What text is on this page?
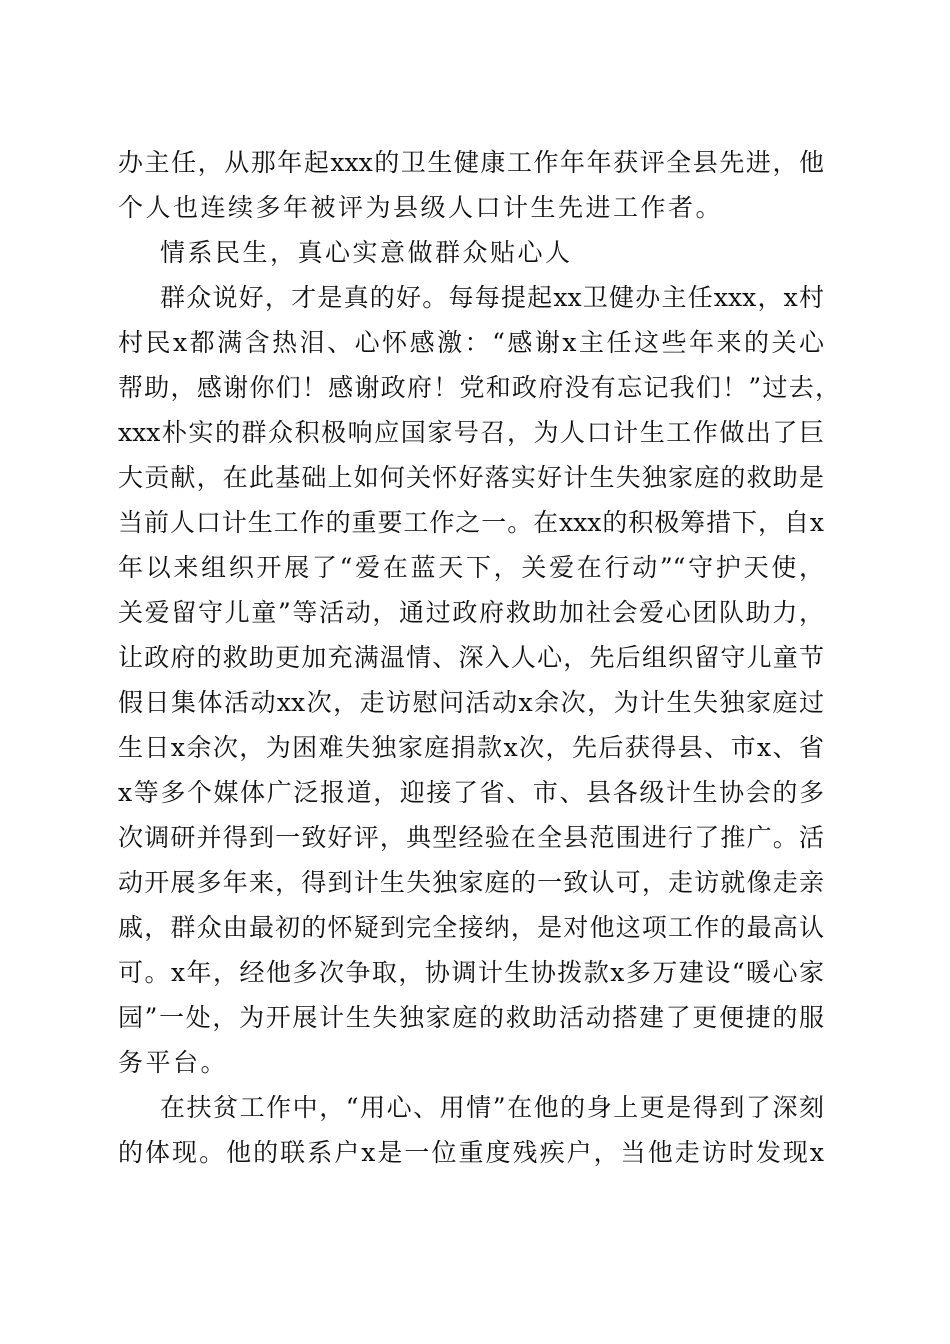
办主任，从那年起xxx的卫生健康工作年年获评全县先进，他
个人也连续多年被评为县级人口计生先进工作者。
情系民生，真心实意做群众贴心人
群众说好，才是真的好。每每提起xx卫健办主任xxx，x村
村民x都满含热泪、心怀感激：“感谢x主任这些年来的关心
帮助，感谢你们！感谢政府！党和政府没有忘记我们！”过去，
xxx朴实的群众积极响应国家号召，为人口计生工作做出了巨
大贡献，在此基础上如何关怀好落实好计生失独家庭的救助是
当前人口计生工作的重要工作之一。在xxx的积极筹措下，自x
年以来组织开展了“爱在蓝天下，关爱在行动”“守护天使，
关爱留守儿童”等活动，通过政府救助加社会爱心团队助力，
让政府的救助更加充满温情、深入人心，先后组织留守儿童节
假日集体活动xx次，走访慰问活动x余次，为计生失独家庭过
生日x余次，为困难失独家庭捐款x次，先后获得县、市x、省
x等多个媒体广泛报道，迎接了省、市、县各级计生协会的多
次调研并得到一致好评，典型经验在全县范围进行了推广。活
动开展多年来，得到计生失独家庭的一致认可，走访就像走亲
戚，群众由最初的怀疑到完全接纳，是对他这项工作的最高认
可。x年，经他多次争取，协调计生协拨款x多万建设“暖心家
园”一处，为开展计生失独家庭的救助活动搭建了更便捷的服
务平台。
在扶贫工作中，“用心、用情”在他的身上更是得到了深刻
的体现。他的联系户x是一位重度残疾户，当他走访时发现x
